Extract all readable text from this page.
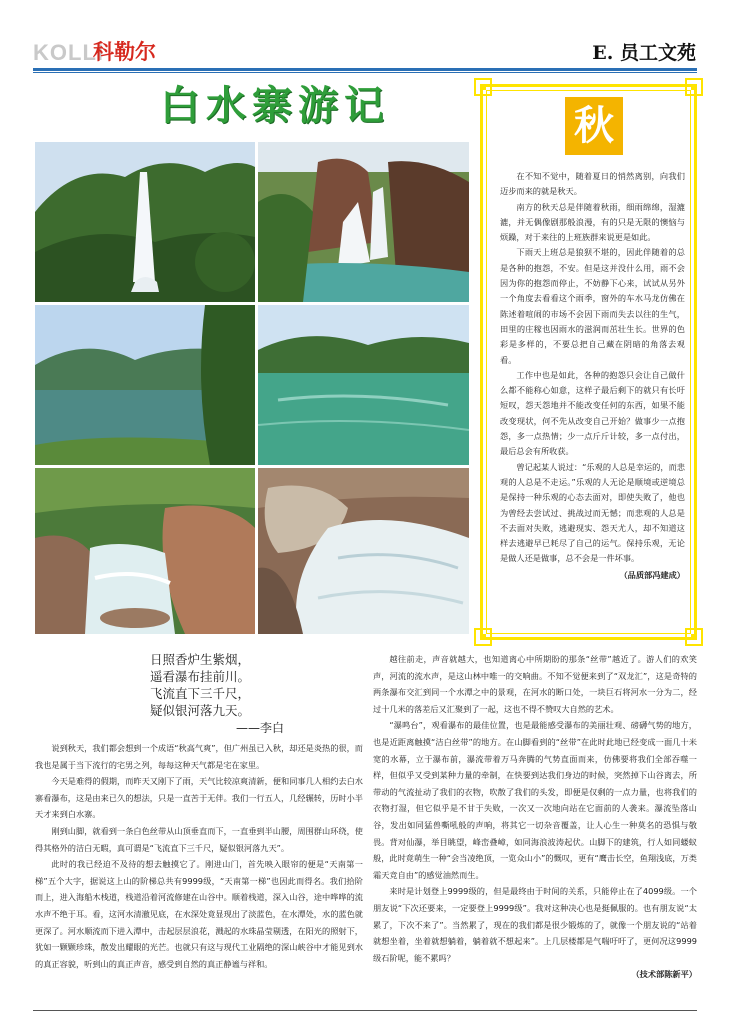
KOLLI
科勒尔	E. 员工文苑
白水寨游记	秋

在不知不觉中，随着夏日的悄然离别，向我们迈步而来的就是秋天。

南方的秋天总是伴随着秋雨，细雨绵绵，湿漉漉，并无偶像剧那般浪漫，有的只是无限的懊恼与烦躁，对于来往的上班族群来说更是如此。

下雨天上班总是狼狈不堪的，因此伴随着的总是各种的抱怨，不安。但是这并没什么用，雨不会因为你的抱怨而停止，不妨静下心来，试试从另外一个角度去看看这个雨季，窗外的车水马龙仿佛在陈述着喧闹的市场不会因下雨而失去以往的生气，田里的庄稼也因雨水的滋润而茁壮生长。世界的色彩是多样的，不要总把自己藏在阴暗的角落去观看。

工作中也是如此，各种的抱怨只会让自己做什么都不能称心如意，这样子最后剩下的就只有长吁短叹，怨天怨地并不能改变任何的东西，如果不能改变现状，何不先从改变自己开始？做事少一点抱怨，多一点热情；少一点斤斤计较，多一点付出，最后总会有所收获。

曾记起某人说过：“乐观的人总是幸运的，而悲观的人总是不走运。”乐观的人无论是顺境或逆境总是保持一种乐观的心态去面对，即使失败了，他也为曾经去尝试过、挑战过而无憾；而悲观的人总是不去面对失败，逃避现实、怨天尤人，却不知道这样去逃避早已耗尽了自己的运气。保持乐观，无论是做人还是做事，总不会是一件坏事。

（品质部冯建成）
日照香炉生紫烟，
遥看瀑布挂前川。
飞流直下三千尺，
疑似银河落九天。
——李白

说到秋天，我们都会想到一个成语“秋高气爽”，但广州虽已入秋，却还是炎热的很，而我也是属于当下流行的宅男之列，每每这种天气都是宅在家里。

今天是难得的假期，而昨天又刚下了雨，天气比较凉爽清新，便和同事几人相约去白水寨看瀑布，这是由来已久的想法，只是一直苦于无伴。我们一行五人，几经辗转，历时小半天才来到白水寨。

刚到山脚，就看到一条白色丝带从山顶垂直而下，一直垂到半山腰，周围群山环绕，使得其格外的洁白无暇，真可谓是“飞流直下三千尺，疑似银河落九天”。

此时的我已经迫不及待的想去触摸它了。刚进山门，首先映入眼帘的便是“天南第一梯”五个大字，据说这上山的阶梯总共有9999级，“天南第一梯”也因此而得名。我们拾阶而上，进入海船木栈道，栈道沿着河流修建在山谷中。顺着栈道，深入山谷，途中哗哗的流水声不绝于耳。看，这河水清澈见底，在水深处竟显现出了淡蓝色，在水潭处，水的蓝色就更深了。河水顺流而下进入潭中，击起层层浪花，溅起的水珠晶莹剔透，在阳光的照射下，犹如一颗颗珍珠，散发出耀眼的光芒。也就只有这与现代工业隔绝的深山峡谷中才能见到水的真正容貌，听到山的真正声音，感受到自然的真正静谧与祥和。

越往前走，声音就越大，也知道离心中所期盼的那条“丝带”越近了。游人们的欢笑声，河流的流水声，是这山林中唯一的交响曲。不知不觉便来到了“双龙汇”，这是奇特的两条瀑布交汇到同一个水潭之中的景观，在河水的断口处，一块巨石将河水一分为二，经过十几米的落差后又汇聚到了一起，这也不得不赞叹大自然的艺术。

“瀑鸣台”，观看瀑布的最佳位置，也是最能感受瀑布的美丽壮观、磅礴气势的地方，也是近距离触摸“洁白丝带”的地方。在山脚看到的“丝带”在此时此地已经变成一面几十米宽的水幕，立于瀑布前，瀑流带着万马奔腾的气势直面而来，仿佛要将我们全部吞噬一样，但似乎又受到某种力量的牵制，在快要到达我们身边的时候，突然掉下山谷离去，所带动的气流扯动了我们的衣物，吹散了我们的头发，即便是仅剩的一点力量，也将我们的衣物打湿，但它似乎是不甘于失败，一次又一次地向站在它面前的人袭来。瀑流坠落山谷，发出如同猛兽嘶吼般的声响，将其它一切杂音覆盖，让人心生一种莫名的恐惧与敬畏。背对仙瀑，举目眺望，峰峦叠嶂，如同海浪波涛起伏。山脚下的建筑，行人如同蝼蚁般，此时竟萌生一种“会当凌绝顶，一览众山小”的慨叹，更有“鹰击长空，鱼翔浅底，万类霜天竞自由”的感觉油然而生。

来时是计划登上9999级的，但是最终由于时间的关系，只能停止在了4099级。一个朋友说“下次还要来，一定要登上9999级”。我对这种决心也是挺佩服的。也有朋友说“太累了，下次不来了”。当然累了，现在的我们都是很少锻炼的了，就像一个朋友说的“站着就想坐着，坐着就想躺着，躺着就不想起来”。上几层楼都是气喘吁吁了，更何况这9999级石阶呢，能不累吗？

（技术部陈新平）
